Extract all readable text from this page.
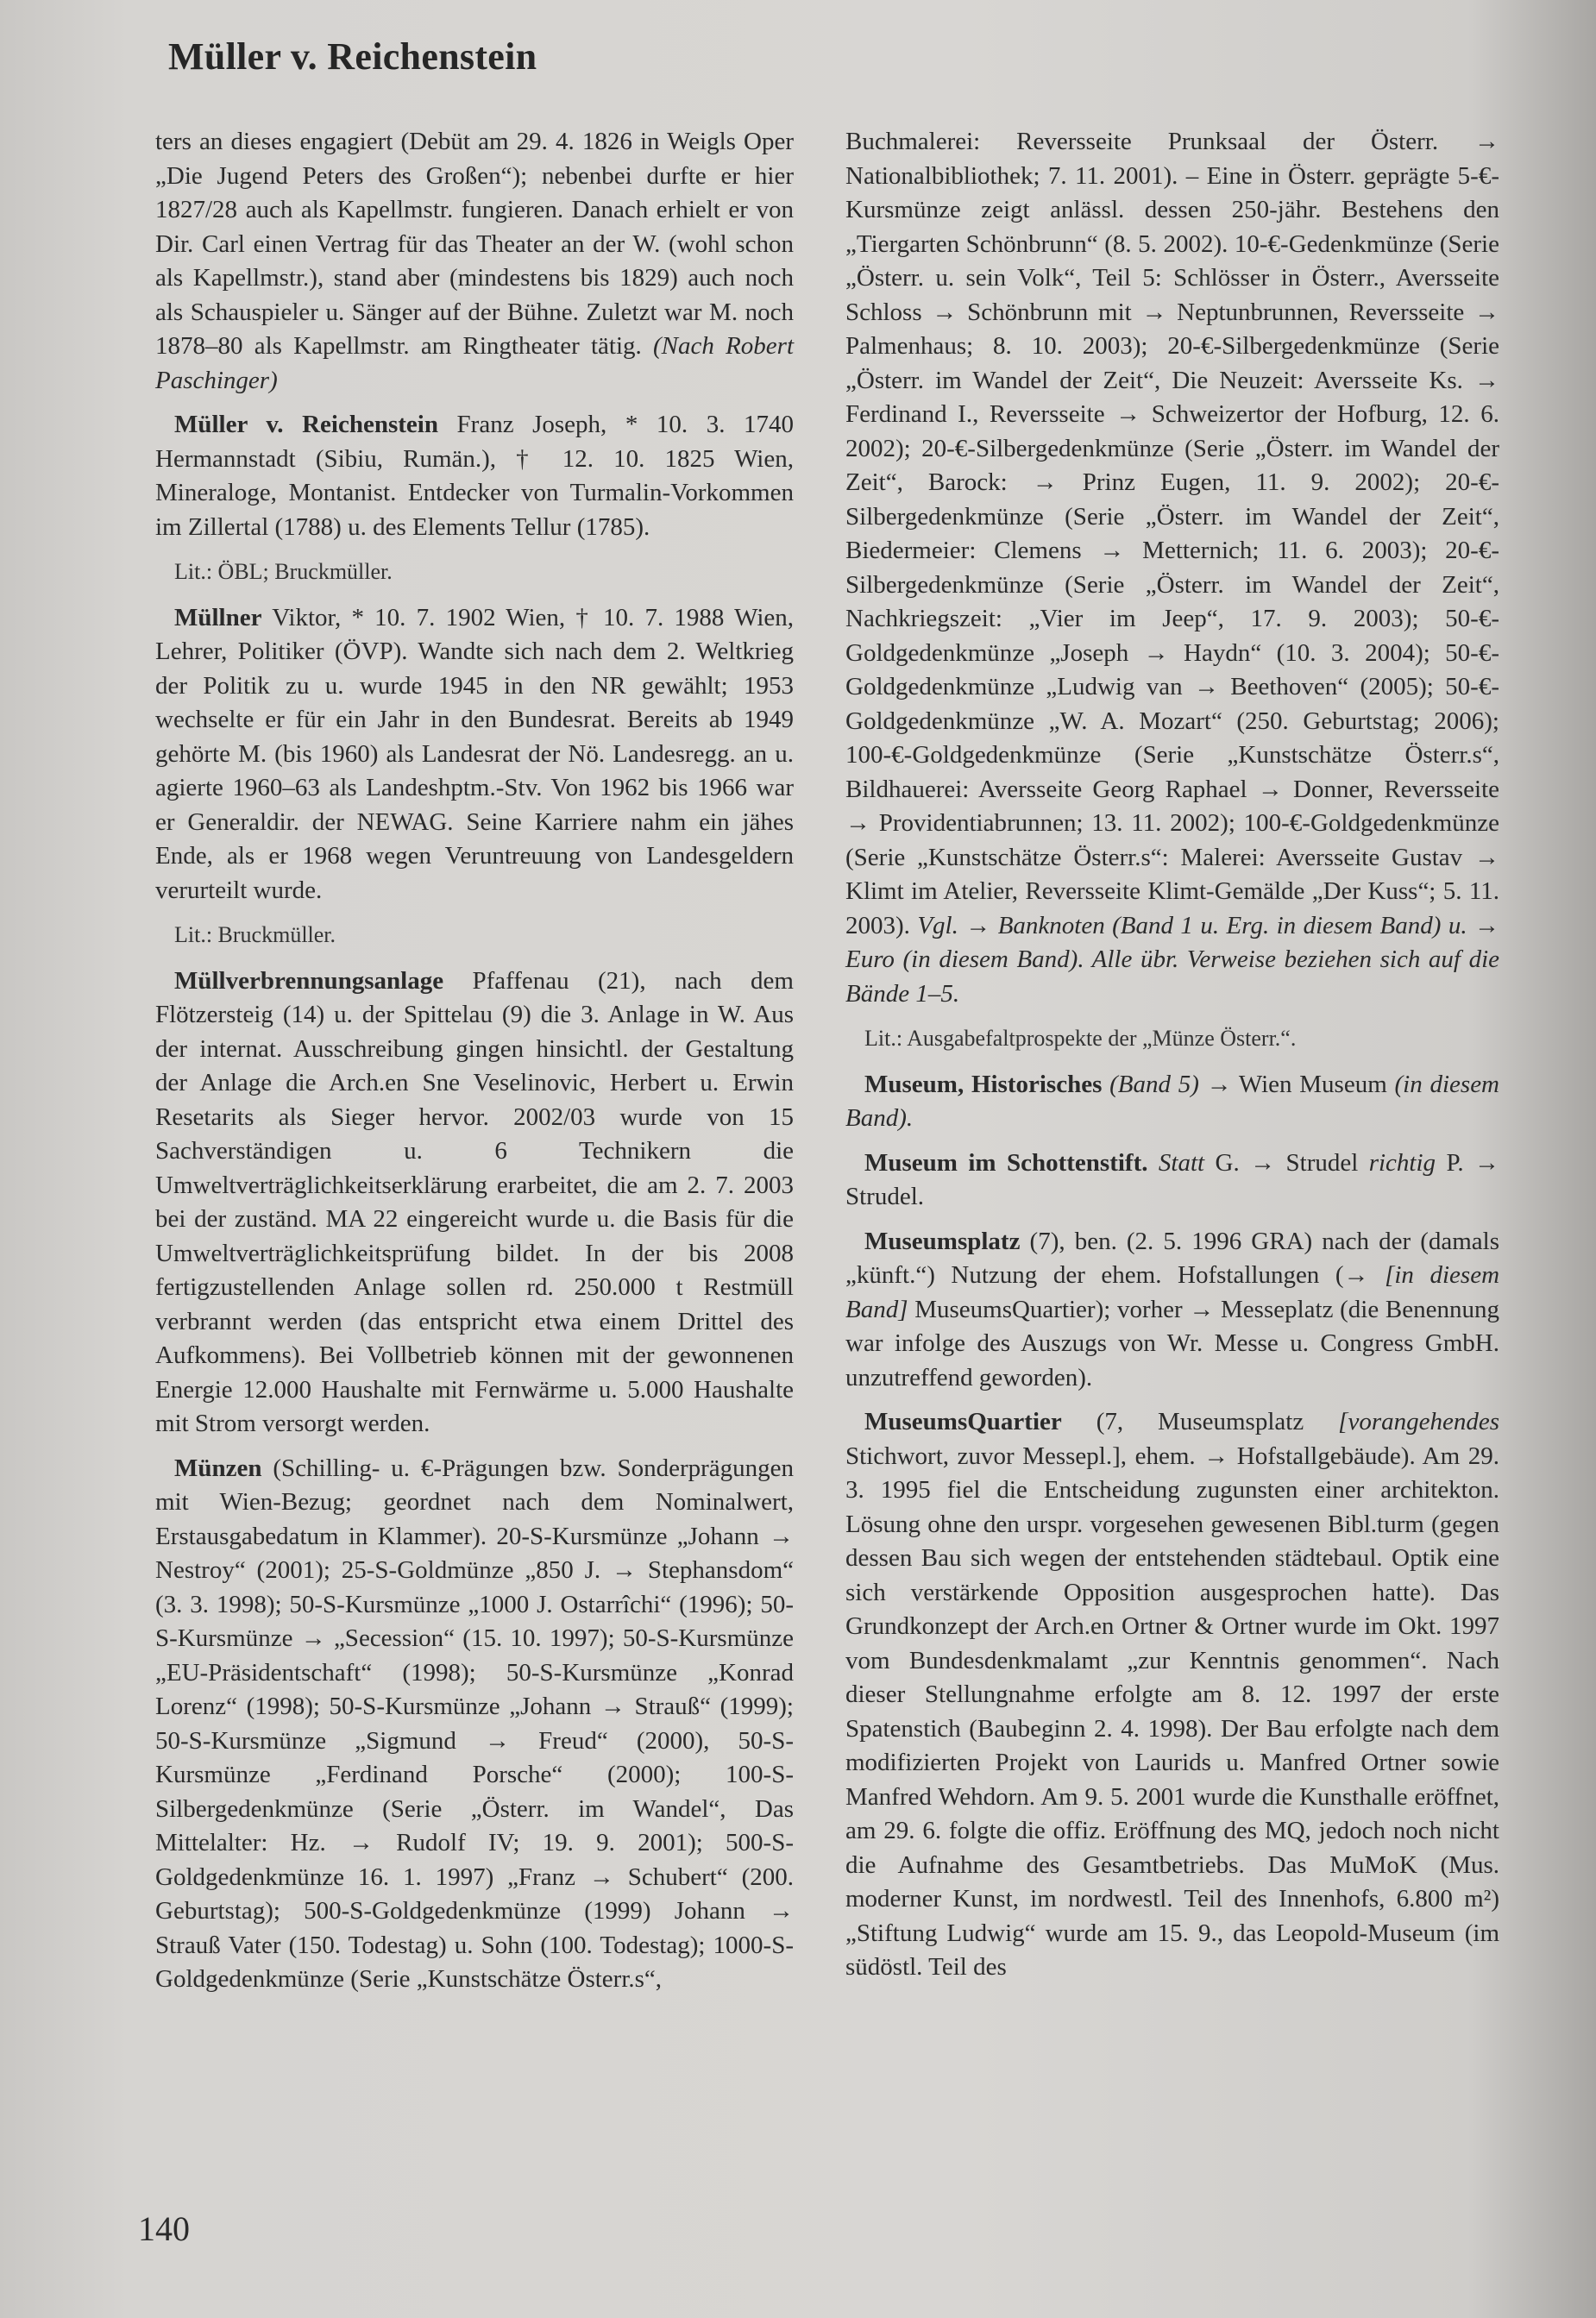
Müller v. Reichenstein

ters an dieses engagiert (Debüt am 29. 4. 1826 in Weigls Oper „Die Jugend Peters des Großen“); nebenbei durfte er hier 1827/28 auch als Kapellmstr. fungieren. Danach erhielt er von Dir. Carl einen Vertrag für das Theater an der W. (wohl schon als Kapellmstr.), stand aber (mindestens bis 1829) auch noch als Schauspieler u. Sänger auf der Bühne. Zuletzt war M. noch 1878–80 als Kapellmstr. am Ringtheater tätig. (Nach Robert Paschinger)

Müller v. Reichenstein Franz Joseph, * 10. 3. 1740 Hermannstadt (Sibiu, Rumän.), † 12. 10. 1825 Wien, Mineraloge, Montanist. Entdecker von Turmalin-Vorkommen im Zillertal (1788) u. des Elements Tellur (1785).

Lit.: ÖBL; Bruckmüller.

Müllner Viktor, * 10. 7. 1902 Wien, † 10. 7. 1988 Wien, Lehrer, Politiker (ÖVP). Wandte sich nach dem 2. Weltkrieg der Politik zu u. wurde 1945 in den NR gewählt; 1953 wechselte er für ein Jahr in den Bundesrat. Bereits ab 1949 gehörte M. (bis 1960) als Landesrat der Nö. Landesregg. an u. agierte 1960–63 als Landeshptm.-Stv. Von 1962 bis 1966 war er Generaldir. der NEWAG. Seine Karriere nahm ein jähes Ende, als er 1968 wegen Veruntreuung von Landesgeldern verurteilt wurde.

Lit.: Bruckmüller.

Müllverbrennungsanlage Pfaffenau (21), nach dem Flötzersteig (14) u. der Spittelau (9) die 3. Anlage in W. Aus der internat. Ausschreibung gingen hinsichtl. der Gestaltung der Anlage die Arch.en Sne Veselinovic, Herbert u. Erwin Resetarits als Sieger hervor. 2002/03 wurde von 15 Sachverständigen u. 6 Technikern die Umweltverträglichkeitserklärung erarbeitet, die am 2. 7. 2003 bei der zuständ. MA 22 eingereicht wurde u. die Basis für die Umweltverträglichkeitsprüfung bildet. In der bis 2008 fertigzustellenden Anlage sollen rd. 250.000 t Restmüll verbrannt werden (das entspricht etwa einem Drittel des Aufkommens). Bei Vollbetrieb können mit der gewonnenen Energie 12.000 Haushalte mit Fernwärme u. 5.000 Haushalte mit Strom versorgt werden.

Münzen (Schilling- u. €-Prägungen bzw. Sonderprägungen mit Wien-Bezug; geordnet nach dem Nominalwert, Erstausgabedatum in Klammer). 20-S-Kursmünze „Johann → Nestroy“ (2001); 25-S-Goldmünze „850 J. → Stephansdom“ (3. 3. 1998); 50-S-Kursmünze „1000 J. Ostarrîchi“ (1996); 50-S-Kursmünze → „Secession“ (15. 10. 1997); 50-S-Kursmünze „EU-Präsidentschaft“ (1998); 50-S-Kursmünze „Konrad Lorenz“ (1998); 50-S-Kursmünze „Johann → Strauß“ (1999); 50-S-Kursmünze „Sigmund → Freud“ (2000), 50-S-Kursmünze „Ferdinand Porsche“ (2000); 100-S-Silbergedenkmünze (Serie „Österr. im Wandel“, Das Mittelalter: Hz. → Rudolf IV; 19. 9. 2001); 500-S-Goldgedenkmünze 16. 1. 1997) „Franz → Schubert“ (200. Geburtstag); 500-S-Goldgedenkmünze (1999) Johann → Strauß Vater (150. Todestag) u. Sohn (100. Todestag); 1000-S-Goldgedenkmünze (Serie „Kunstschätze Österr.s“,

Buchmalerei: Reversseite Prunksaal der Österr. → Nationalbibliothek; 7. 11. 2001). – Eine in Österr. geprägte 5-€-Kursmünze zeigt anlässl. dessen 250-jähr. Bestehens den „Tiergarten Schönbrunn“ (8. 5. 2002). 10-€-Gedenkmünze (Serie „Österr. u. sein Volk“, Teil 5: Schlösser in Österr., Aversseite Schloss → Schönbrunn mit → Neptunbrunnen, Reversseite → Palmenhaus; 8. 10. 2003); 20-€-Silbergedenkmünze (Serie „Österr. im Wandel der Zeit“, Die Neuzeit: Aversseite Ks. → Ferdinand I., Reversseite → Schweizertor der Hofburg, 12. 6. 2002); 20-€-Silbergedenkmünze (Serie „Österr. im Wandel der Zeit“, Barock: → Prinz Eugen, 11. 9. 2002); 20-€-Silbergedenkmünze (Serie „Österr. im Wandel der Zeit“, Biedermeier: Clemens → Metternich; 11. 6. 2003); 20-€-Silbergedenkmünze (Serie „Österr. im Wandel der Zeit“, Nachkriegszeit: „Vier im Jeep“, 17. 9. 2003); 50-€-Goldgedenkmünze „Joseph → Haydn“ (10. 3. 2004); 50-€-Goldgedenkmünze „Ludwig van → Beethoven“ (2005); 50-€-Goldgedenkmünze „W. A. Mozart“ (250. Geburtstag; 2006); 100-€-Goldgedenkmünze (Serie „Kunstschätze Österr.s“, Bildhauerei: Aversseite Georg Raphael → Donner, Reversseite → Providentiabrunnen; 13. 11. 2002); 100-€-Goldgedenkmünze (Serie „Kunstschätze Österr.s“: Malerei: Aversseite Gustav → Klimt im Atelier, Reversseite Klimt-Gemälde „Der Kuss“; 5. 11. 2003). Vgl. → Banknoten (Band 1 u. Erg. in diesem Band) u. → Euro (in diesem Band). Alle übr. Verweise beziehen sich auf die Bände 1–5.

Lit.: Ausgabefaltprospekte der „Münze Österr.“.

Museum, Historisches (Band 5) → Wien Museum (in diesem Band).

Museum im Schottenstift. Statt G. → Strudel richtig P. → Strudel.

Museumsplatz (7), ben. (2. 5. 1996 GRA) nach der (damals „künft.“) Nutzung der ehem. Hofstallungen (→ [in diesem Band] MuseumsQuartier); vorher → Messeplatz (die Benennung war infolge des Auszugs von Wr. Messe u. Congress GmbH. unzutreffend geworden).

MuseumsQuartier (7, Museumsplatz [vorangehendes Stichwort, zuvor Messepl.], ehem. → Hofstallgebäude). Am 29. 3. 1995 fiel die Entscheidung zugunsten einer architekton. Lösung ohne den urspr. vorgesehen gewesenen Bibl.turm (gegen dessen Bau sich wegen der entstehenden städtebaul. Optik eine sich verstärkende Opposition ausgesprochen hatte). Das Grundkonzept der Arch.en Ortner & Ortner wurde im Okt. 1997 vom Bundesdenkmalamt „zur Kenntnis genommen“. Nach dieser Stellungnahme erfolgte am 8. 12. 1997 der erste Spatenstich (Baubeginn 2. 4. 1998). Der Bau erfolgte nach dem modifizierten Projekt von Laurids u. Manfred Ortner sowie Manfred Wehdorn. Am 9. 5. 2001 wurde die Kunsthalle eröffnet, am 29. 6. folgte die offiz. Eröffnung des MQ, jedoch noch nicht die Aufnahme des Gesamtbetriebs. Das MuMoK (Mus. moderner Kunst, im nordwestl. Teil des Innenhofs, 6.800 m²) „Stiftung Ludwig“ wurde am 15. 9., das Leopold-Museum (im südöstl. Teil des

140
